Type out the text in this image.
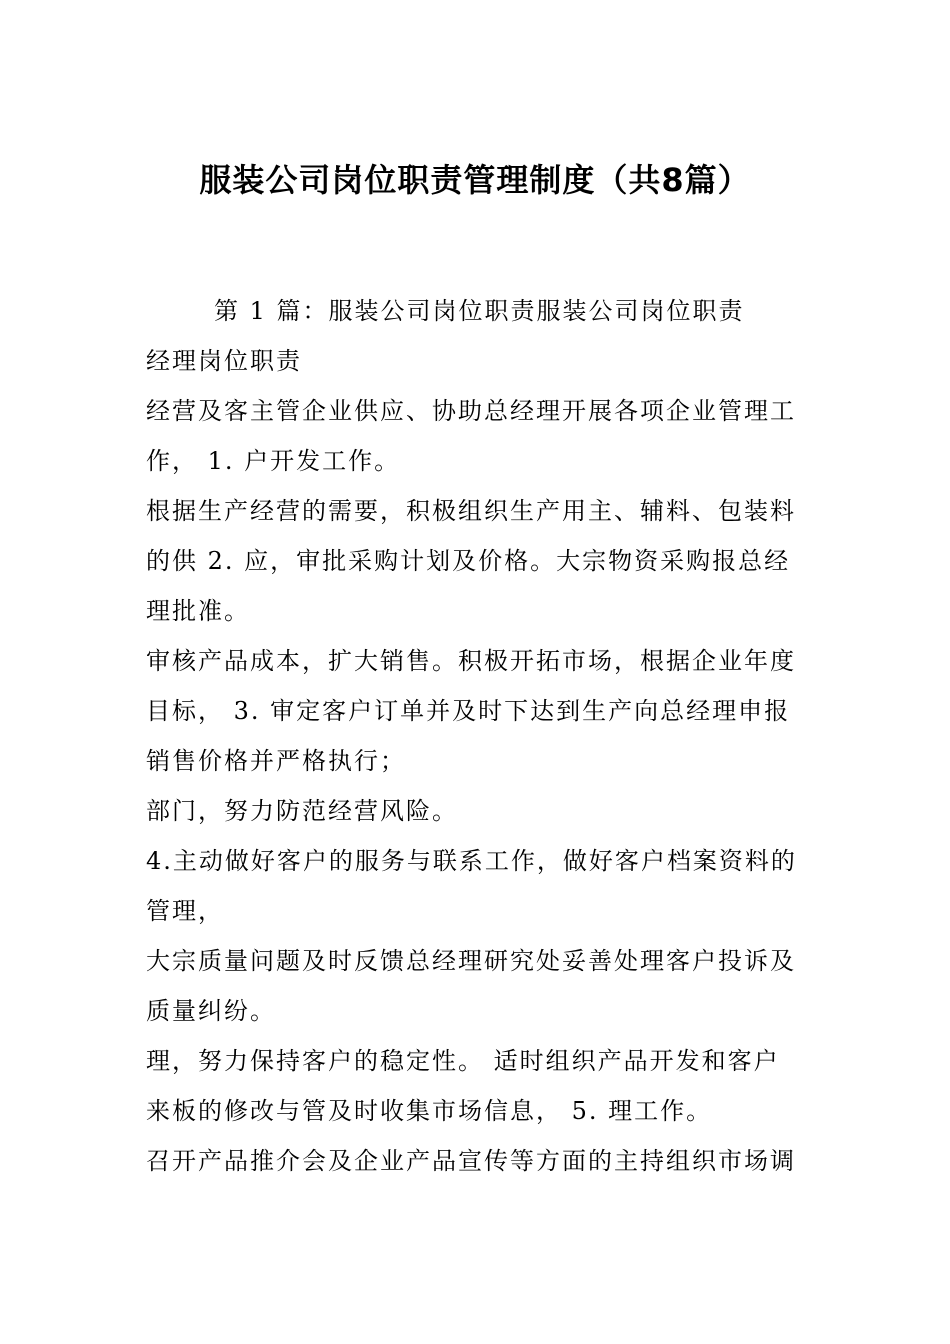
服装公司岗位职责管理制度（共8篇）
第 1 篇：服装公司岗位职责服装公司岗位职责
经理岗位职责
经营及客主管企业供应、协助总经理开展各项企业管理工
作， 1. 户开发工作。
根据生产经营的需要，积极组织生产用主、辅料、包装料
的供 2. 应，审批采购计划及价格。大宗物资采购报总经
理批准。
审核产品成本，扩大销售。积极开拓市场，根据企业年度
目标， 3. 审定客户订单并及时下达到生产向总经理申报
销售价格并严格执行；
部门，努力防范经营风险。
4.主动做好客户的服务与联系工作，做好客户档案资料的
管理，
大宗质量问题及时反馈总经理研究处妥善处理客户投诉及
质量纠纷。
理，努力保持客户的稳定性。 适时组织产品开发和客户
来板的修改与管及时收集市场信息， 5. 理工作。
召开产品推介会及企业产品宣传等方面的主持组织市场调
